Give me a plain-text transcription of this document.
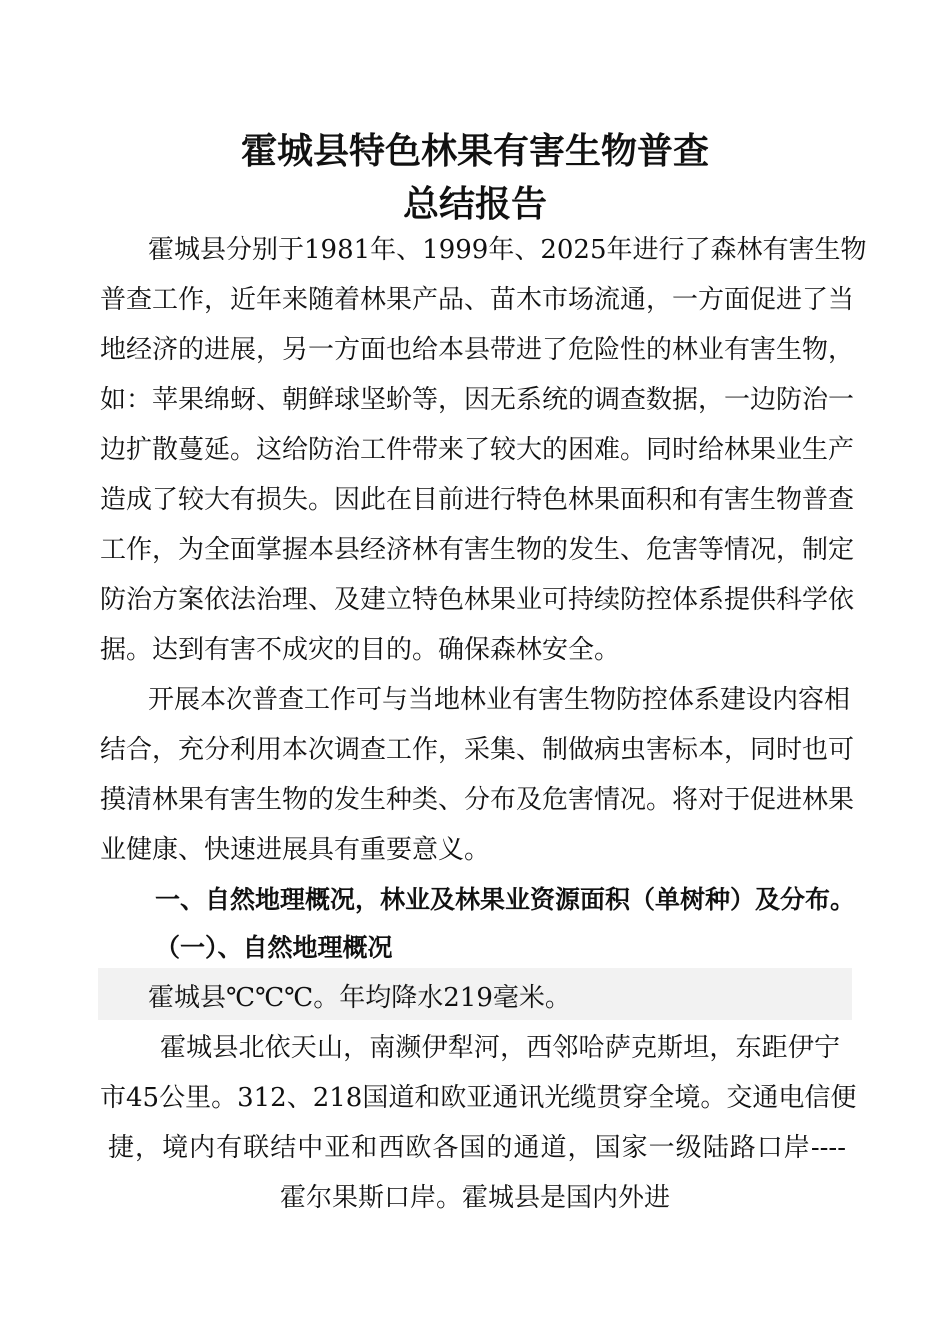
霍城县特色林果有害生物普查
总结报告
霍城县分别于1981年、1999年、2025年进行了森林有害生物
普查工作，近年来随着林果产品、苗木市场流通，一方面促进了当
地经济的进展，另一方面也给本县带进了危险性的林业有害生物，
如：苹果绵蚜、朝鲜球坚蚧等，因无系统的调查数据，一边防治一
边扩散蔓延。这给防治工件带来了较大的困难。同时给林果业生产
造成了较大有损失。因此在目前进行特色林果面积和有害生物普查
工作，为全面掌握本县经济林有害生物的发生、危害等情况，制定
防治方案依法治理、及建立特色林果业可持续防控体系提供科学依
据。达到有害不成灾的目的。确保森林安全。
开展本次普查工作可与当地林业有害生物防控体系建设内容相
结合，充分利用本次调查工作，采集、制做病虫害标本，同时也可
摸清林果有害生物的发生种类、分布及危害情况。将对于促进林果
业健康、快速进展具有重要意义。
一、自然地理概况，林业及林果业资源面积（单树种）及分布。
（一）、自然地理概况
霍城县℃℃℃。年均降水219毫米。
霍城县北依天山，南濒伊犁河，西邻哈萨克斯坦，东距伊宁
市45公里。312、218国道和欧亚通讯光缆贯穿全境。交通电信便
捷，境内有联结中亚和西欧各国的通道，国家一级陆路口岸----
霍尔果斯口岸。霍城县是国内外进
